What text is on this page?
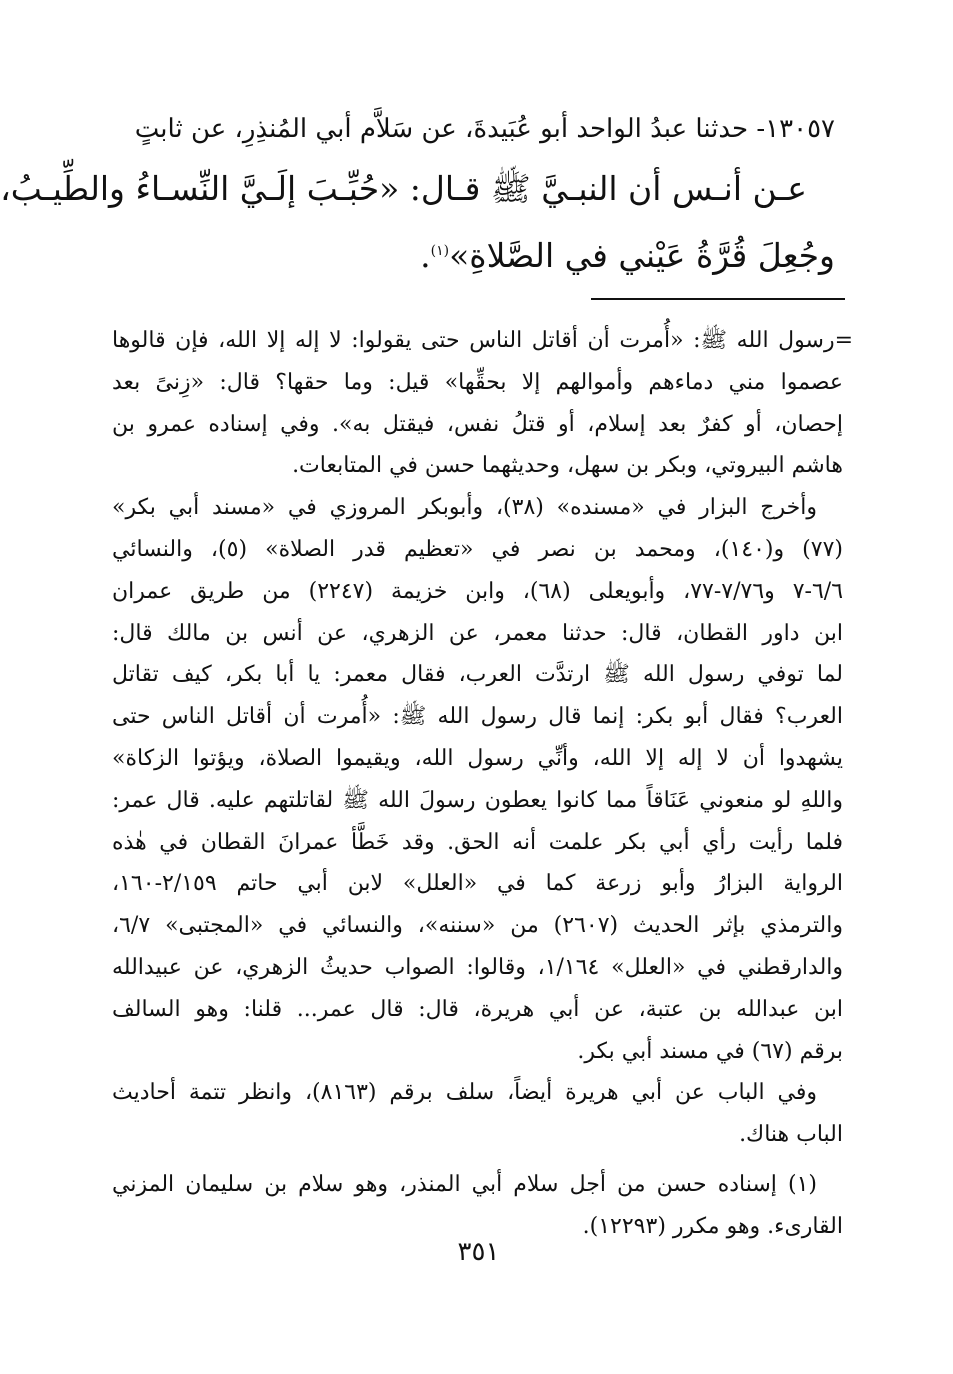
١٣٠٥٧- حدثنا عبدُ الواحد أبو عُبَيدةَ، عن سَلاَّم أبي المُنذِرِ، عن ثابتٍ
عـن أنـس أن النبـيَّ ﷺ قـال: «حُبِّـبَ إلَـيَّ النِّسـاءُ والطِّيـبُ،
وجُعِلَ قُرَّةُ عَيْني في الصَّلاةِ»$^{(١)}$.
=رسول الله ﷺ: «أُمرت أن أقاتل الناس حتى يقولوا: لا إله إلا الله، فإن قالوها
عصموا مني دماءهم وأموالهم إلا بحقِّها» قيل: وما حقها؟ قال: «زِنىً بعد
إحصان، أو كفرٌ بعد إسلام، أو قتلُ نفس، فيقتل به». وفي إسناده عمرو بن
هاشم البيروتي، وبكر بن سهل، وحديثهما حسن في المتابعات.
وأخرج البزار في «مسنده» (٣٨)، وأبوبكر المروزي في «مسند أبي بكر»
(٧٧) و(١٤٠)، ومحمد بن نصر في «تعظيم قدر الصلاة» (٥)، والنسائي
٦/٦-٧ و٧/٧٦-٧٧، وأبويعلى (٦٨)، وابن خزيمة (٢٢٤٧) من طريق عمران
ابن داور القطان، قال: حدثنا معمر، عن الزهري، عن أنس بن مالك قال:
لما توفي رسول الله ﷺ ارتدَّت العرب، فقال معمر: يا أبا بكر، كيف تقاتل
العرب؟ فقال أبو بكر: إنما قال رسول الله ﷺ: «أُمرت أن أقاتل الناس حتى
يشهدوا أن لا إله إلا الله، وأنِّي رسول الله، ويقيموا الصلاة، ويؤتوا الزكاة»
واللهِ لو منعوني عَنَاقاً مما كانوا يعطون رسولَ الله ﷺ لقاتلتهم عليه. قال عمر:
فلما رأيت رأي أبي بكر علمت أنه الحق. وقد خَطَّأ عمرانَ القطان في هٰذه
الرواية البزارُ وأبو زرعة كما في «العلل» لابن أبي حاتم ٢/١٥٩-١٦٠،
والترمذي بإثر الحديث (٢٦٠٧) من «سننه»، والنسائي في «المجتبى» ٦/٧،
والدارقطني في «العلل» ١/١٦٤، وقالوا: الصواب حديثُ الزهري، عن عبيدالله
ابن عبدالله بن عتبة، عن أبي هريرة، قال: قال عمر... قلنا: وهو السالف
برقم (٦٧) في مسند أبي بكر.
وفي الباب عن أبي هريرة أيضاً، سلف برقم (٨١٦٣)، وانظر تتمة أحاديث
الباب هناك.
(١) إسناده حسن من أجل سلام أبي المنذر، وهو سلام بن سليمان المزني
القارىء. وهو مكرر (١٢٢٩٣).
٣٥١
